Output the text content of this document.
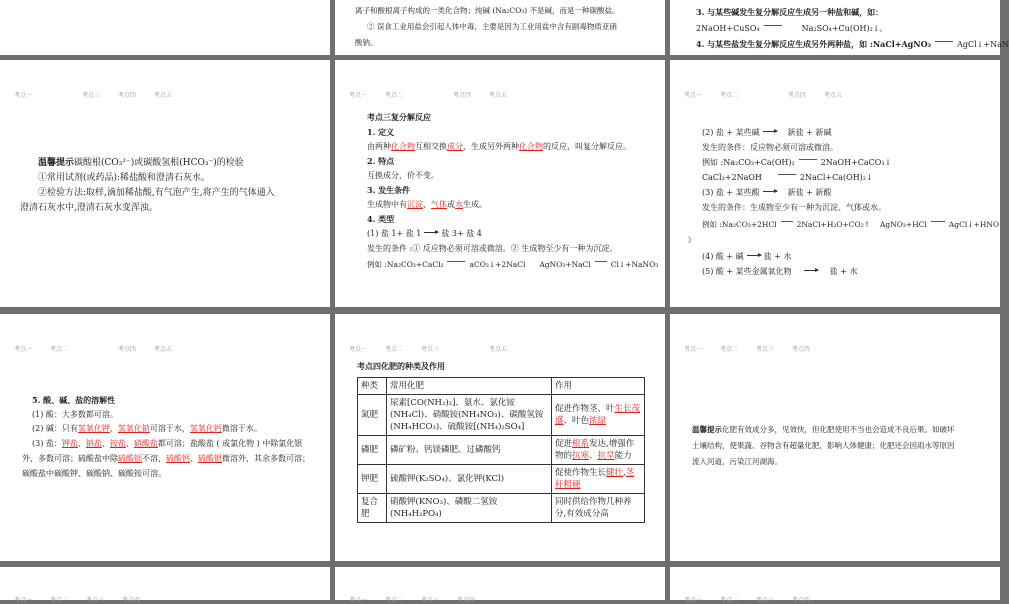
离子和酸根离子构成的一类化合物；纯碱 (Na₂CO₃) 不是碱，而是一种碳酸盐。
② 误食工业用盐会引起人体中毒，主要是因为工业用盐中含有剧毒物质亚硝
酸钠。
3. 与某些碱发生复分解反应生成另一种盐和碱，如：
2NaOH+CuSO₄	Na₂SO₄+Cu(OH)₂↓。
4. 与某些盐发生复分解反应生成另外两种盐，如 :NaCl+AgNO₃	AgCl↓+NaN
考点一	考点三	考点四	考点五
温馨提示碳酸根(CO₃²⁻)或碳酸氢根(HCO₃⁻)的检验
①常用试剂(或药品):稀盐酸和澄清石灰水。
②检验方法:取样,滴加稀盐酸,有气泡产生,将产生的气体通入
澄清石灰水中,澄清石灰水变浑浊。
考点一	考点二	考点四	考点五
考点三复分解反应
1. 定义
由两种化合物互相交换成分，生成另外两种化合物的反应，叫复分解反应。
2. 特点
互换成分，价不变。
3. 发生条件
生成物中有沉淀、气体或水生成。
4. 类型
(1) 盐 1+ 盐 1	盐 3+ 盐 4
发生的条件 :① 反应物必须可溶或微溶。② 生成物至少有一种为沉淀。
例如 :Na₂CO₃+CaCl₂	aCO₃↓+2NaCl AgNO₃+NaCl	Cl↓+NaNO₃
考点一	考点二	考点四	考点五
(2) 盐 + 某些碱	新盐 + 新碱
发生的条件：反应物必须可溶或微溶。
例如 :Na₂CO₃+Ca(OH)₂	2NaOH+CaCO₃↓
CaCl₂+2NaOH	2NaCl+Ca(OH)₂↓
(3) 盐 + 某些酸	新盐 + 新酸
发生的条件：生成物至少有一种为沉淀、气体或水。
例如 :Na₂CO₃+2HCl	2NaCl+H₂O+CO₂↑ AgNO₃+HCl	AgCl↓+HNO
》
(4) 酸 + 碱	盐 + 水
(5) 酸 + 某些金属氧化物	盐 + 水
考点一	考点二	考点四	考点五
5. 酸、碱、盐的溶解性
(1) 酸：大多数都可溶。
(2) 碱：只有氢氧化钾、氢氧化钠可溶于水，氢氧化钙微溶于水。
(3) 盐：钾盐、钠盐、铵盐、硝酸盐都可溶；盐酸盐 ( 或氯化物 ) 中除氯化银
外，多数可溶；硫酸盐中除硫酸钡不溶，硫酸钙、硫酸银微溶外，其余多数可溶；
碳酸盐中碳酸钾、碳酸钠、碳酸铵可溶。
考点一	考点二	考点三	考点五
考点四化肥的种类及作用
种类	常用化肥	作用
氮肥	尿素[CO(NH₂)₂]、氨水、氯化铵(NH₄Cl)、硝酸铵(NH₄NO₃)、碳酸氢铵(NH₄HCO₃)、硫酸铵[(NH₄)₂SO₄]	促进作物茎、叶生长茂盛、叶色浓绿
磷肥	磷矿粉、钙镁磷肥、过磷酸钙	促进根系发达,增强作物的抗寒、抗旱能力
钾肥	硫酸钾(K₂SO₄)、氯化钾(KCl)	促使作物生长健壮,茎秆粗硬
复合肥	硝酸钾(KNO₃)、磷酸二氢铵(NH₄H₂PO₄)	同时供给作物几种养分,有效成分高
考点一	考点二	考点三	考点四
温馨提示化肥有效成分多，见效快，但化肥使用不当也会造成不良后果。如破坏
土壤结构，使果蔬、谷物含有超量化肥，影响人体健康；化肥还会因雨水等原因
流入河道，污染江河湖海。
考点一	考点二	考点三	考点四	考点一	考点二	考点三	考点四	考点一	考点二	考点三	考点四
